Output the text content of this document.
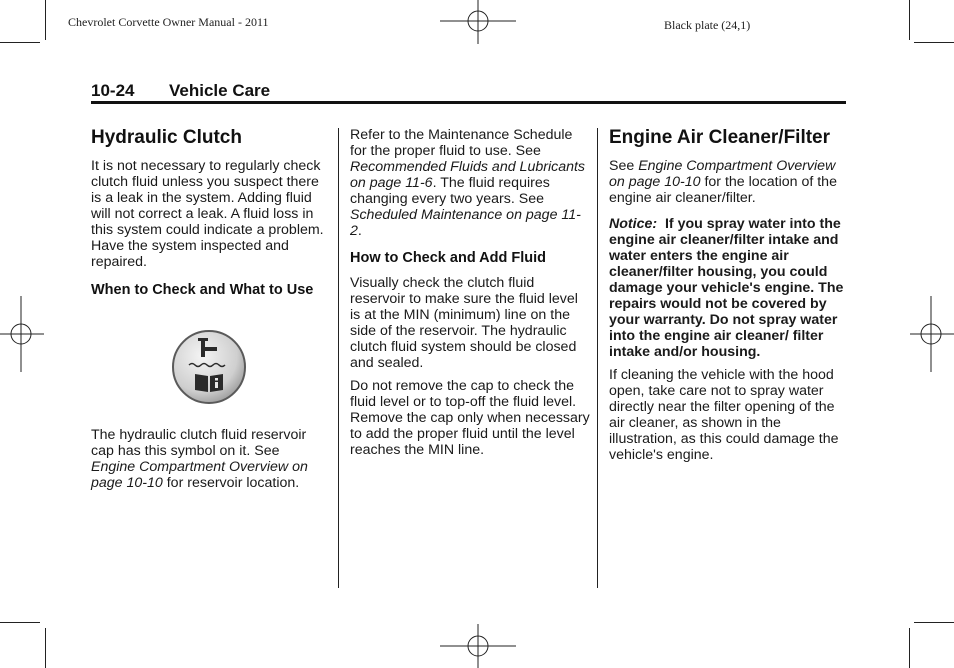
Chevrolet Corvette Owner Manual - 2011	Black plate (24,1)
10-24 Vehicle Care
Hydraulic Clutch

It is not necessary to regularly check clutch fluid unless you suspect there is a leak in the system. Adding fluid will not correct a leak. A fluid loss in this system could indicate a problem. Have the system inspected and repaired.

When to Check and What to Use

The hydraulic clutch fluid reservoir cap has this symbol on it. See Engine Compartment Overview on page 10-10 for reservoir location.

Refer to the Maintenance Schedule for the proper fluid to use. See Recommended Fluids and Lubricants on page 11-6. The fluid requires changing every two years. See Scheduled Maintenance on page 11-2.

How to Check and Add Fluid

Visually check the clutch fluid reservoir to make sure the fluid level is at the MIN (minimum) line on the side of the reservoir. The hydraulic clutch fluid system should be closed and sealed.

Do not remove the cap to check the fluid level or to top-off the fluid level. Remove the cap only when necessary to add the proper fluid until the level reaches the MIN line.

Engine Air Cleaner/Filter

See Engine Compartment Overview on page 10-10 for the location of the engine air cleaner/filter.

Notice:  If you spray water into the engine air cleaner/filter intake and water enters the engine air cleaner/filter housing, you could damage your vehicle's engine. The repairs would not be covered by your warranty. Do not spray water into the engine air cleaner/ filter intake and/or housing.

If cleaning the vehicle with the hood open, take care not to spray water directly near the filter opening of the air cleaner, as shown in the illustration, as this could damage the vehicle's engine.
